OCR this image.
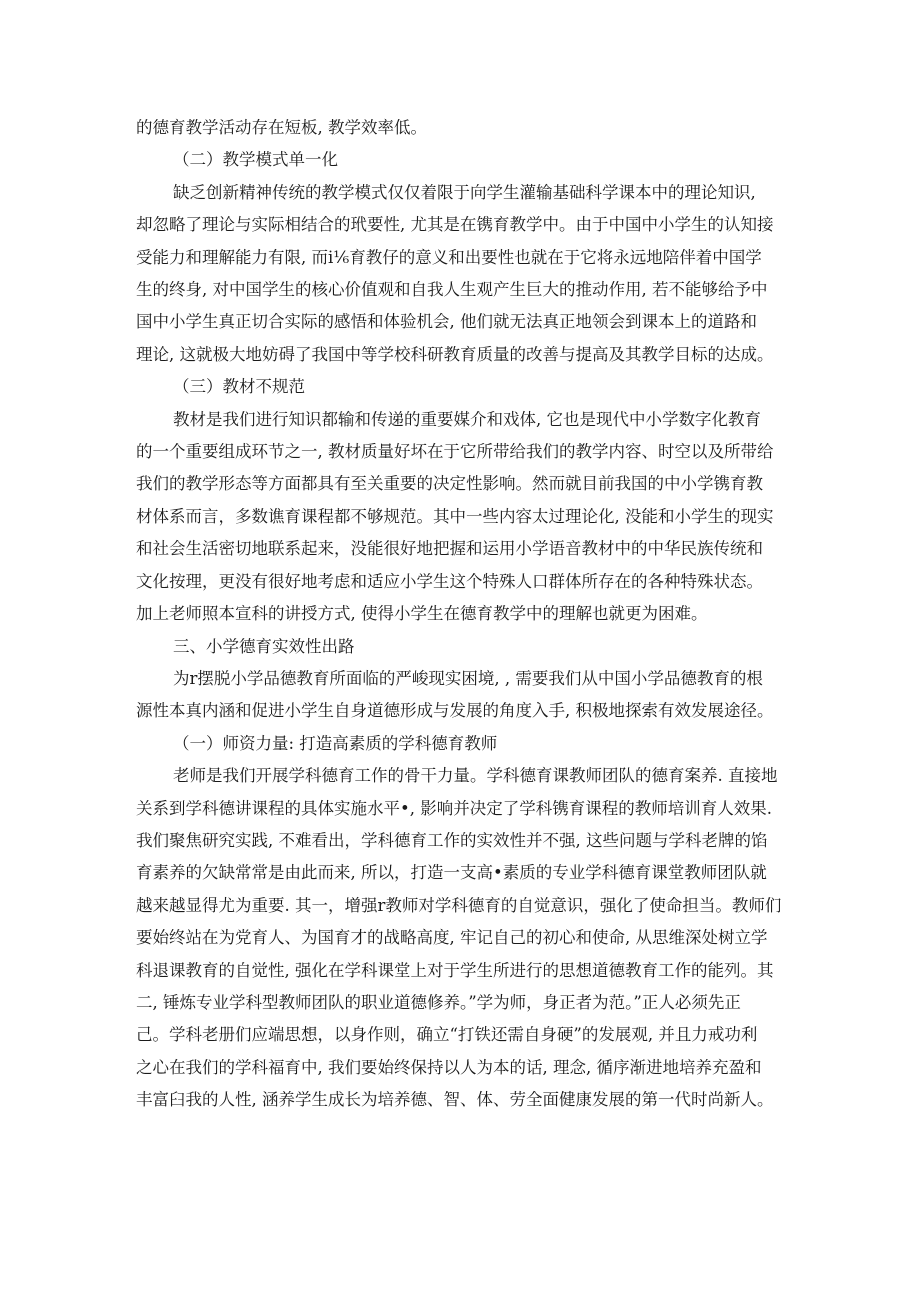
的德育教学活动存在短板, 教学效率低。

（二）教学模式单一化

缺乏创新精神传统的教学模式仅仅着限于向学生灌输基础科学课本中的理论知识,

却忽略了理论与实际相结合的玳要性, 尤其是在镌育教学中。由于中国中小学生的认知接

受能力和理解能力有限, 而i⅙育教仔的意义和出要性也就在于它将永远地陪伴着中国学

生的终身, 对中国学生的核心价值观和自我人生观产生巨大的推动作用, 若不能够给予中

国中小学生真正切合实际的感悟和体验机会, 他们就无法真正地领会到课本上的道路和

理论, 这就极大地妨碍了我国中等学校科研教育质量的改善与提高及其教学目标的达成。

（三）教材不规范

教材是我们进行知识都输和传递的重要媒介和戏体, 它也是现代中小学数字化教育

的一个重要组成环节之一, 教材质量好坏在于它所带给我们的教学内容、时空以及所带给

我们的教学形态等方面都具有至关重要的决定性影响。然而就目前我国的中小学镌育教

材体系而言，多数谯育课程都不够规范。其中一些内容太过理论化, 没能和小学生的现实

和社会生活密切地联系起来，没能很好地把握和运用小学语音教材中的中华民族传统和

文化按理，更没有很好地考虑和适应小学生这个特殊人口群体所存在的各种特殊状态。

加上老师照本宣科的讲授方式, 使得小学生在德育教学中的理解也就更为困难。

三、小学德育实效性出路

为r摆脱小学品德教育所面临的严峻现实困境, , 需要我们从中国小学品德教育的根

源性本真内涵和促进小学生自身道德形成与发展的角度入手, 积极地探索有效发展途径。

（一）师资力量: 打造高素质的学科德育教师

老师是我们开展学科德育工作的骨干力量。学科德育课教师团队的德育案养. 直接地

关系到学科德讲课程的具体实施水平•, 影响并决定了学科镌育课程的教师培训育人效果.

我们聚焦研究实践, 不难看出，学科德育工作的实效性并不强, 这些问题与学科老牌的馅

育素养的欠缺常常是由此而来, 所以，打造一支高•素质的专业学科德育课堂教师团队就

越来越显得尤为重要. 其一，增强r教师对学科德育的自觉意识，强化了使命担当。教师们

要始终站在为党育人、为国育才的战略高度, 牢记自己的初心和使命, 从思维深处树立学

科退课教育的自觉性, 强化在学科课堂上对于学生所进行的思想道德教育工作的能列。其

二, 锤炼专业学科型教师团队的职业道德修养。”学为师，身正者为范。”正人必须先正

己。学科老册们应端思想，以身作则，确立“打铁还需自身硬”的发展观, 并且力戒功利

之心在我们的学科福育中, 我们要始终保持以人为本的话, 理念, 循序渐进地培养充盈和

丰富臼我的人性, 涵养学生成长为培养德、智、体、劳全面健康发展的第一代时尚新人。
